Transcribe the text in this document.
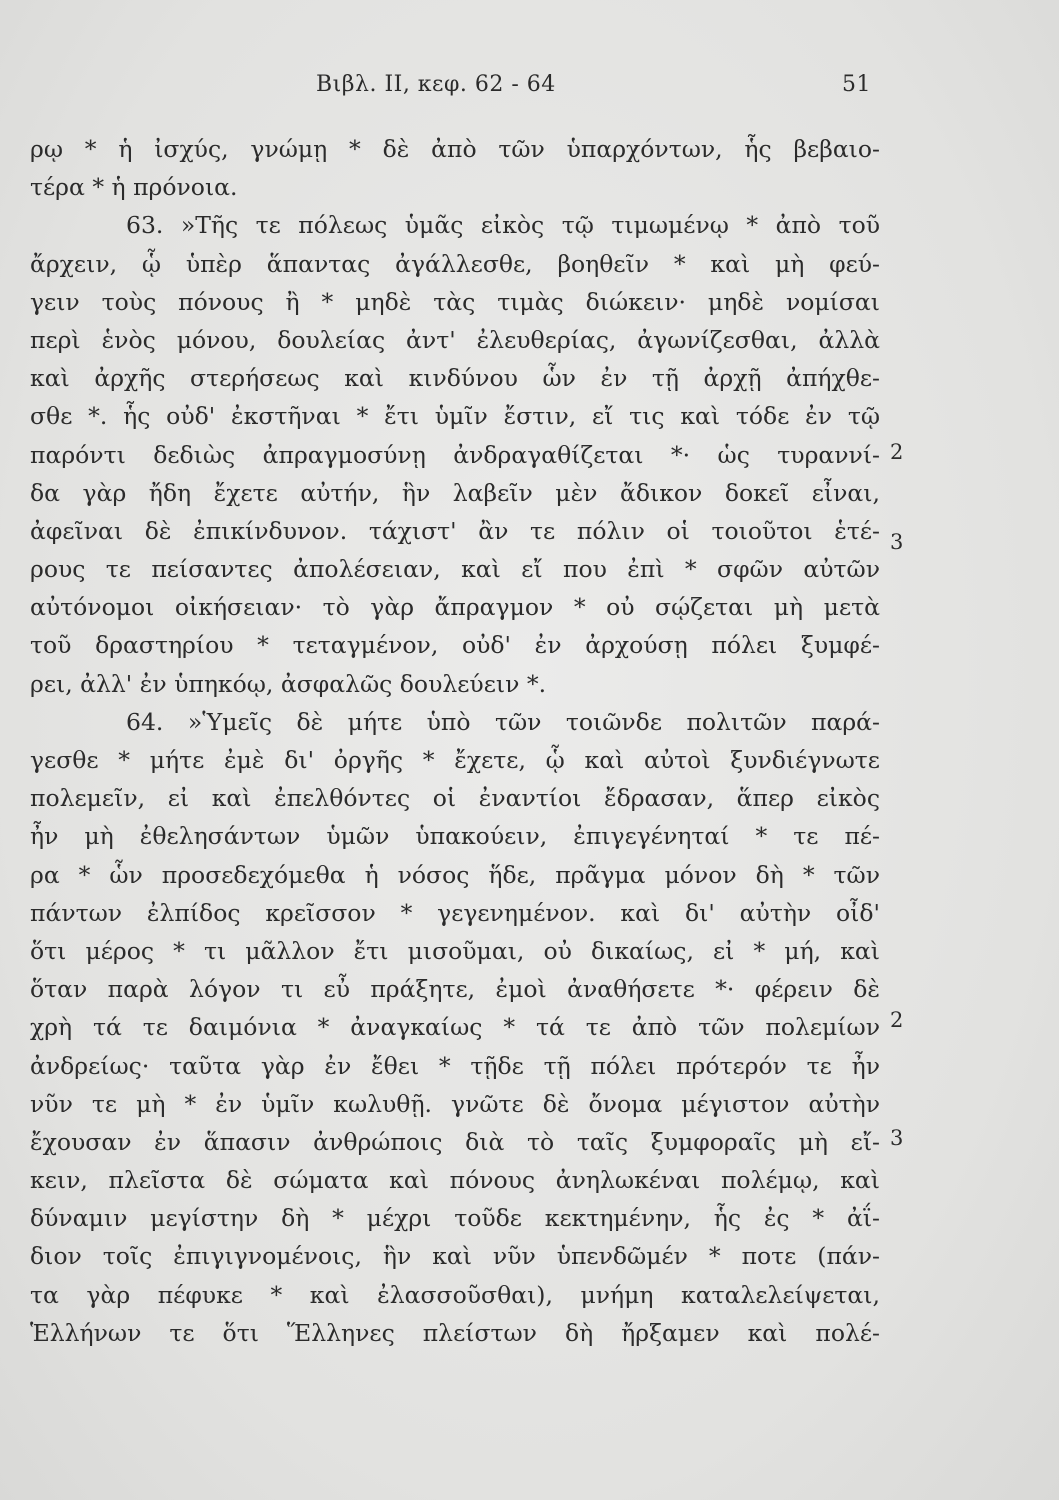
Βιβλ. ΙΙ, κεφ. 62 - 64	51
ρῳ * ἡ ἰσχύς, γνώμῃ * δὲ ἀπὸ τῶν ὑπαρχόντων, ἧς βεβαιο-
τέρα * ἡ πρόνοια.
63. »Τῆς τε πόλεως ὑμᾶς εἰκὸς τῷ τιμωμένῳ * ἀπὸ τοῦ
ἄρχειν, ᾧ ὑπὲρ ἅπαντας ἀγάλλεσθε, βοηθεῖν * καὶ μὴ φεύ-
γειν τοὺς πόνους ἢ * μηδὲ τὰς τιμὰς διώκειν· μηδὲ νομίσαι
περὶ ἑνὸς μόνου, δουλείας ἀντ' ἐλευθερίας, ἀγωνίζεσθαι, ἀλλὰ
καὶ ἀρχῆς στερήσεως καὶ κινδύνου ὧν ἐν τῇ ἀρχῇ ἀπήχθε-
σθε *. ἧς οὐδ' ἐκστῆναι * ἔτι ὑμῖν ἔστιν, εἴ τις καὶ τόδε ἐν τῷ
παρόντι δεδιὼς ἀπραγμοσύνῃ ἀνδραγαθίζεται *· ὡς τυραννί-
δα γὰρ ἤδη ἔχετε αὐτήν, ἣν λαβεῖν μὲν ἄδικον δοκεῖ εἶναι,
ἀφεῖναι δὲ ἐπικίνδυνον. τάχιστ' ἂν τε πόλιν οἱ τοιοῦτοι ἑτέ-
ρους τε πείσαντες ἀπολέσειαν, καὶ εἴ που ἐπὶ * σφῶν αὐτῶν
αὐτόνομοι οἰκήσειαν· τὸ γὰρ ἄπραγμον * οὐ σῴζεται μὴ μετὰ
τοῦ δραστηρίου * τεταγμένον, οὐδ' ἐν ἀρχούσῃ πόλει ξυμφέ-
ρει, ἀλλ' ἐν ὑπηκόῳ, ἀσφαλῶς δουλεύειν *.
64. »Ὑμεῖς δὲ μήτε ὑπὸ τῶν τοιῶνδε πολιτῶν παρά-
γεσθε * μήτε ἐμὲ δι' ὀργῆς * ἔχετε, ᾧ καὶ αὐτοὶ ξυνδιέγνωτε
πολεμεῖν, εἰ καὶ ἐπελθόντες οἱ ἐναντίοι ἔδρασαν, ἅπερ εἰκὸς
ἦν μὴ ἐθελησάντων ὑμῶν ὑπακούειν, ἐπιγεγένηταί * τε πέ-
ρα * ὧν προσεδεχόμεθα ἡ νόσος ἥδε, πρᾶγμα μόνον δὴ * τῶν
πάντων ἐλπίδος κρεῖσσον * γεγενημένον. καὶ δι' αὐτὴν οἶδ'
ὅτι μέρος * τι μᾶλλον ἔτι μισοῦμαι, οὐ δικαίως, εἰ * μή, καὶ
ὅταν παρὰ λόγον τι εὖ πράξητε, ἐμοὶ ἀναθήσετε *· φέρειν δὲ
χρὴ τά τε δαιμόνια * ἀναγκαίως * τά τε ἀπὸ τῶν πολεμίων
ἀνδρείως· ταῦτα γὰρ ἐν ἔθει * τῇδε τῇ πόλει πρότερόν τε ἦν
νῦν τε μὴ * ἐν ὑμῖν κωλυθῇ. γνῶτε δὲ ὄνομα μέγιστον αὐτὴν
ἔχουσαν ἐν ἅπασιν ἀνθρώποις διὰ τὸ ταῖς ξυμφοραῖς μὴ εἴ-
κειν, πλεῖστα δὲ σώματα καὶ πόνους ἀνηλωκέναι πολέμῳ, καὶ
δύναμιν μεγίστην δὴ * μέχρι τοῦδε κεκτημένην, ἧς ἐς * ἀΐ-
διον τοῖς ἐπιγιγνομένοις, ἣν καὶ νῦν ὑπενδῶμέν * ποτε (πάν-
τα γὰρ πέφυκε * καὶ ἐλασσοῦσθαι), μνήμη καταλελείψεται,
Ἑλλήνων τε ὅτι Ἕλληνες πλείστων δὴ ἤρξαμεν καὶ πολέ-
2
3
2
3
